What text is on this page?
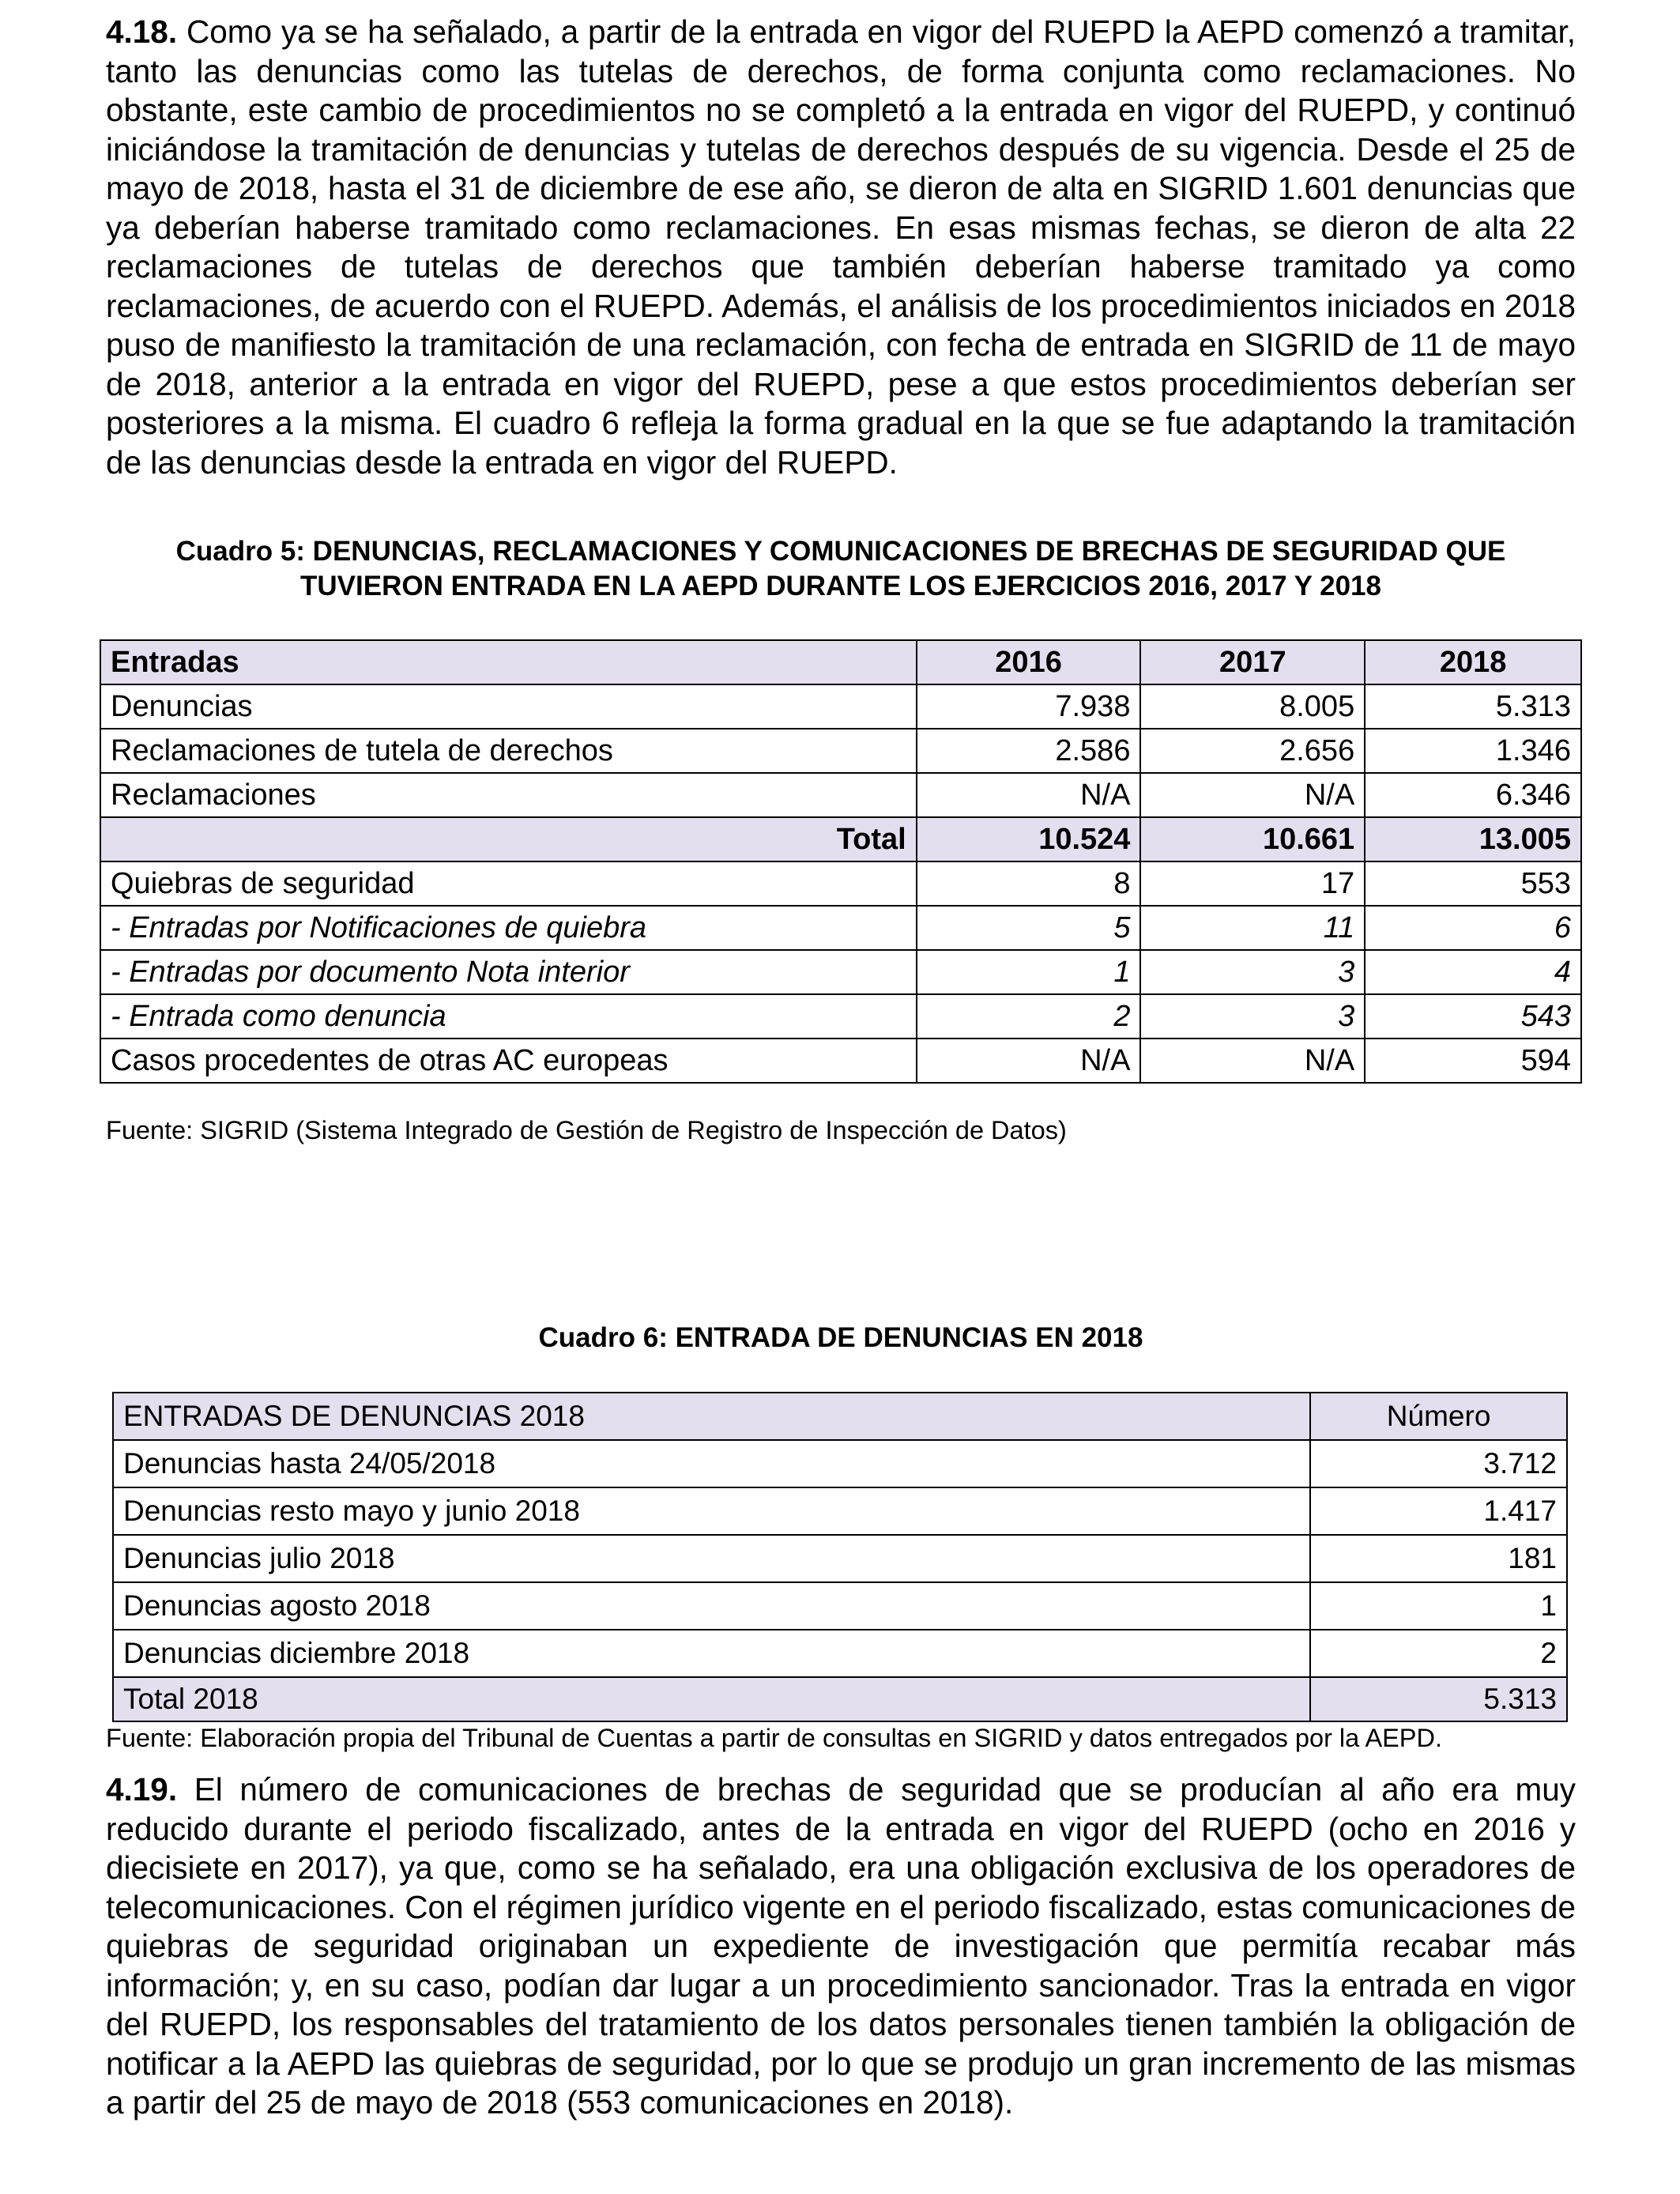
4.18. Como ya se ha señalado, a partir de la entrada en vigor del RUEPD la AEPD comenzó a tramitar, tanto las denuncias como las tutelas de derechos, de forma conjunta como reclamaciones. No obstante, este cambio de procedimientos no se completó a la entrada en vigor del RUEPD, y continuó iniciándose la tramitación de denuncias y tutelas de derechos después de su vigencia. Desde el 25 de mayo de 2018, hasta el 31 de diciembre de ese año, se dieron de alta en SIGRID 1.601 denuncias que ya deberían haberse tramitado como reclamaciones. En esas mismas fechas, se dieron de alta 22 reclamaciones de tutelas de derechos que también deberían haberse tramitado ya como reclamaciones, de acuerdo con el RUEPD. Además, el análisis de los procedimientos iniciados en 2018 puso de manifiesto la tramitación de una reclamación, con fecha de entrada en SIGRID de 11 de mayo de 2018, anterior a la entrada en vigor del RUEPD, pese a que estos procedimientos deberían ser posteriores a la misma. El cuadro 6 refleja la forma gradual en la que se fue adaptando la tramitación de las denuncias desde la entrada en vigor del RUEPD.

Cuadro 5: DENUNCIAS, RECLAMACIONES Y COMUNICACIONES DE BRECHAS DE SEGURIDAD QUE
TUVIERON ENTRADA EN LA AEPD DURANTE LOS EJERCICIOS 2016, 2017 Y 2018

Entradas	2016	2017	2018
Denuncias	7.938	8.005	5.313
Reclamaciones de tutela de derechos	2.586	2.656	1.346
Reclamaciones	N/A	N/A	6.346
Total	10.524	10.661	13.005
Quiebras de seguridad	8	17	553
- Entradas por Notificaciones de quiebra	5	11	6
- Entradas por documento Nota interior	1	3	4
- Entrada como denuncia	2	3	543
Casos procedentes de otras AC europeas	N/A	N/A	594

Fuente: SIGRID (Sistema Integrado de Gestión de Registro de Inspección de Datos)

Cuadro 6: ENTRADA DE DENUNCIAS EN 2018

ENTRADAS DE DENUNCIAS 2018	Número
Denuncias hasta 24/05/2018	3.712
Denuncias resto mayo y junio 2018	1.417
Denuncias julio 2018	181
Denuncias agosto 2018	1
Denuncias diciembre 2018	2
Total 2018	5.313

Fuente: Elaboración propia del Tribunal de Cuentas a partir de consultas en SIGRID y datos entregados por la AEPD.

4.19. El número de comunicaciones de brechas de seguridad que se producían al año era muy reducido durante el periodo fiscalizado, antes de la entrada en vigor del RUEPD (ocho en 2016 y diecisiete en 2017), ya que, como se ha señalado, era una obligación exclusiva de los operadores de telecomunicaciones. Con el régimen jurídico vigente en el periodo fiscalizado, estas comunicaciones de quiebras de seguridad originaban un expediente de investigación que permitía recabar más información; y, en su caso, podían dar lugar a un procedimiento sancionador. Tras la entrada en vigor del RUEPD, los responsables del tratamiento de los datos personales tienen también la obligación de notificar a la AEPD las quiebras de seguridad, por lo que se produjo un gran incremento de las mismas a partir del 25 de mayo de 2018 (553 comunicaciones en 2018).
